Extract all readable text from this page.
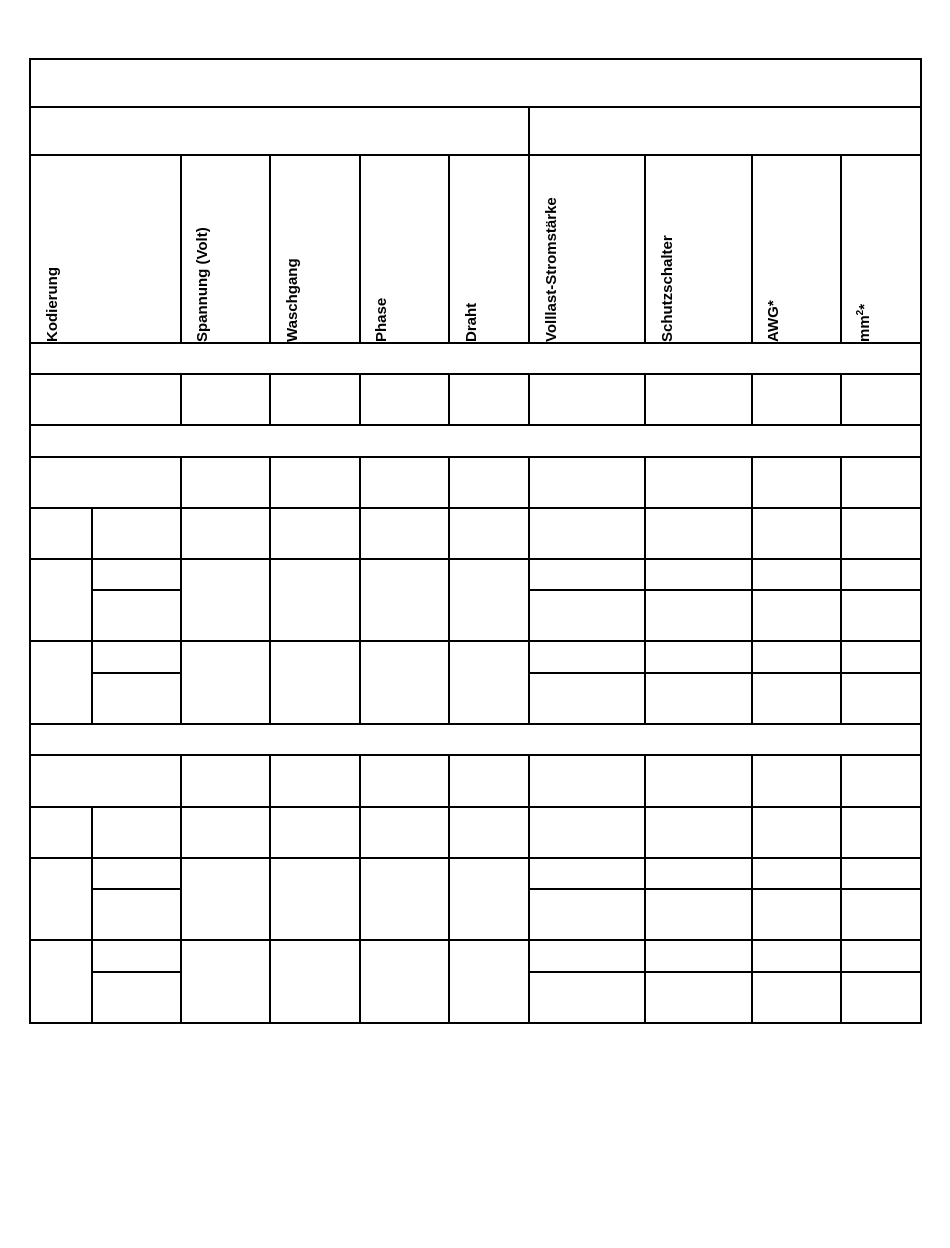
Kodierung	Spannung (Volt)	Waschgang	Phase	Draht	Volllast-Stromstärke	Schutzschalter	AWG*	$mm^2*$
